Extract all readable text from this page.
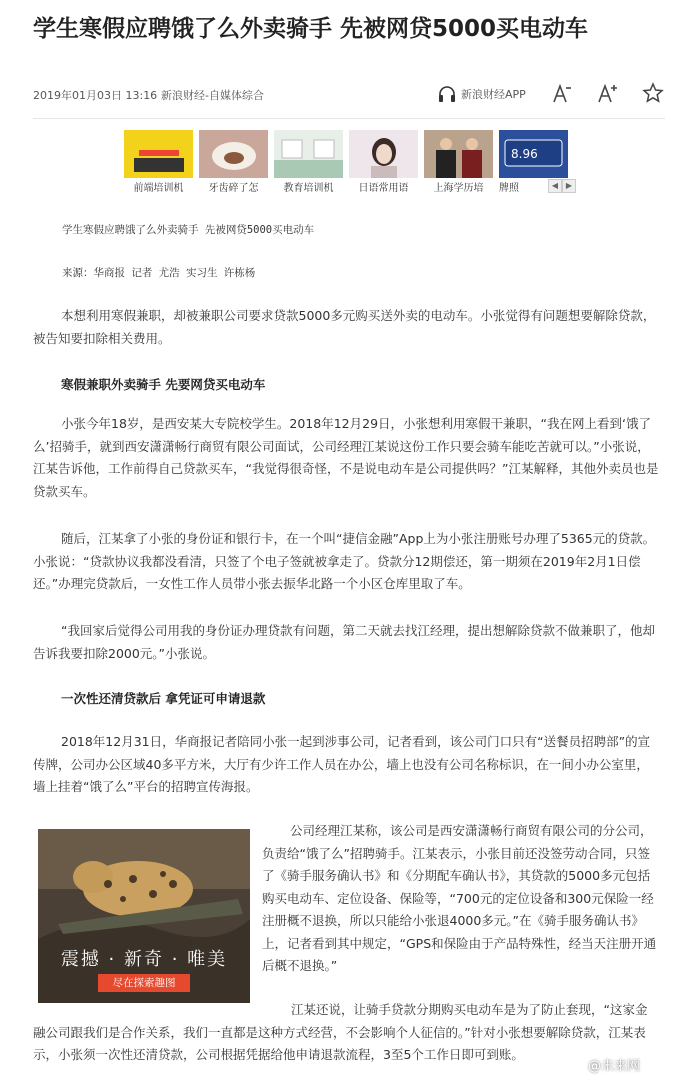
学生寒假应聘饿了么外卖骑手 先被网贷5000买电动车
2019年01月03日 13:16 新浪财经-自媒体综合	新浪财经APP
前端培训机	牙齿碎了怎	教育培训机	日语常用语	上海学历培
8.96
牌照	◀ ▶
学生寒假应聘饿了么外卖骑手 先被网贷5000买电动车
来源：华商报 记者 尤浩 实习生 许栋杨
本想利用寒假兼职，却被兼职公司要求贷款5000多元购买送外卖的电动车。小张觉得有问题想要解除贷款，被告知要扣除相关费用。
寒假兼职外卖骑手 先要网贷买电动车
小张今年18岁，是西安某大专院校学生。2018年12月29日，小张想利用寒假干兼职，“我在网上看到‘饿了么’招骑手，就到西安潇潇畅行商贸有限公司面试，公司经理江某说这份工作只要会骑车能吃苦就可以。”小张说，江某告诉他，工作前得自己贷款买车，“我觉得很奇怪，不是说电动车是公司提供吗？”江某解释，其他外卖员也是贷款买车。
随后，江某拿了小张的身份证和银行卡，在一个叫“捷信金融”App上为小张注册账号办理了5365元的贷款。小张说：“贷款协议我都没看清，只签了个电子签就被拿走了。贷款分12期偿还，第一期须在2019年2月1日偿还。”办理完贷款后，一女性工作人员带小张去振华北路一个小区仓库里取了车。
“我回家后觉得公司用我的身份证办理贷款有问题，第二天就去找江经理，提出想解除贷款不做兼职了，他却告诉我要扣除2000元。”小张说。
一次性还清贷款后 拿凭证可申请退款
2018年12月31日，华商报记者陪同小张一起到涉事公司，记者看到，该公司门口只有“送餐员招聘部”的宣传牌，公司办公区域40多平方米，大厅有少许工作人员在办公，墙上也没有公司名称标识，在一间小办公室里，墙上挂着“饿了么”平台的招聘宣传海报。
震撼 · 新奇 · 唯美
尽在探索趣图
公司经理江某称，该公司是西安潇潇畅行商贸有限公司的分公司，负责给“饿了么”招聘骑手。江某表示，小张目前还没签劳动合同，只签了《骑手服务确认书》和《分期配车确认书》，其贷款的5000多元包括购买电动车、定位设备、保险等，“700元的定位设备和300元保险一经注册概不退换，所以只能给小张退4000多元。”在《骑手服务确认书》上，记者看到其中规定，“GPS和保险由于产品特殊性，经当天注册开通后概不退换。”
江某还说，让骑手贷款分期购买电动车是为了防止套现，“这家金融公司跟我们是合作关系，我们一直都是这种方式经营，不会影响个人征信的。”针对小张想要解除贷款，江某表示，小张须一次性还清贷款，公司根据凭据给他申请退款流程，3至5个工作日即可到账。
@未来网
